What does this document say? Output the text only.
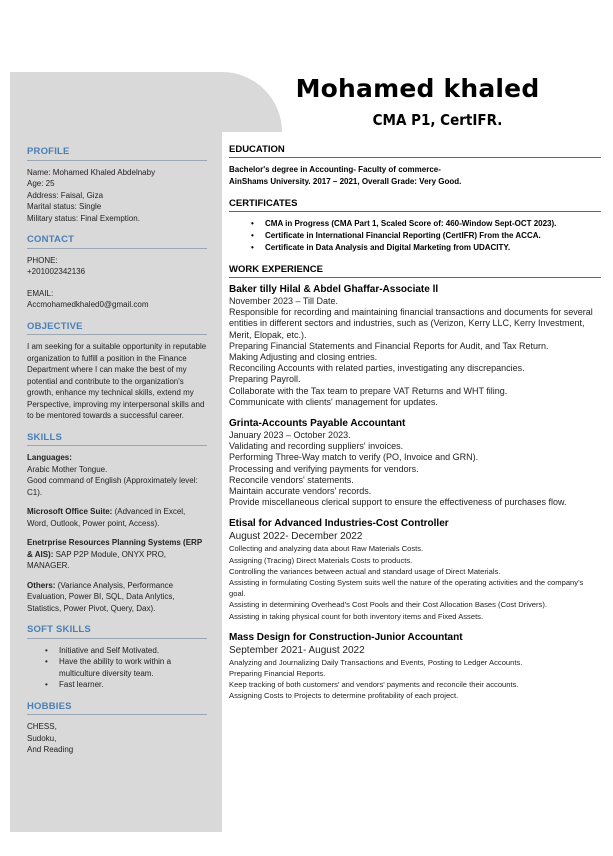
Mohamed khaled
CMA P1, CertIFR.
PROFILE
Name: Mohamed Khaled Abdelnaby
Age: 25
Address: Faisal, Giza
Marital status: Single
Military status: Final Exemption.
CONTACT
PHONE:
+201002342136
EMAIL:
Accmohamedkhaled0@gmail.com
OBJECTIVE
I am seeking for a suitable opportunity in reputable organization to fulfill a position in the Finance Department where I can make the best of my potential and contribute to the organization's growth, enhance my technical skills, extend my Perspective, improving my interpersonal skills and to be mentored towards a successful career.
SKILLS
Languages:
Arabic Mother Tongue.
Good command of English (Approximately level: C1).
Microsoft Office Suite: (Advanced in Excel, Word, Outlook, Power point, Access).
Enetrprise Resources Planning Systems (ERP & AIS): SAP P2P Module, ONYX PRO, MANAGER.
Others: (Variance Analysis, Performance Evaluation, Power BI, SQL, Data Anlytics, Statistics, Power Pivot, Query, Dax).
SOFT SKILLS
• Initiative and Self Motivated.
• Have the ability to work within a multiculture diversity team.
• Fast learner.
HOBBIES
CHESS,
Sudoku,
And Reading
EDUCATION
Bachelor's degree in Accounting- Faculty of commerce-
AinShams University. 2017 – 2021, Overall Grade: Very Good.
CERTIFICATES
• CMA in Progress (CMA Part 1, Scaled Score of: 460-Window Sept-OCT 2023).
• Certificate in International Financial Reporting (CertIFR) From the ACCA.
• Certificate in Data Analysis and Digital Marketing from UDACITY.
WORK EXPERIENCE
Baker tilly Hilal & Abdel Ghaffar-Associate ll
November 2023 – Till Date.
Responsible for recording and maintaining financial transactions and documents for several entities in different sectors and industries, such as (Verizon, Kerry LLC, Kerry Investment, Merit, Elopak, etc.).
Preparing Financial Statements and Financial Reports for Audit, and Tax Return.
Making Adjusting and closing entries.
Reconciling Accounts with related parties, investigating any discrepancies.
Preparing Payroll.
Collaborate with the Tax team to prepare VAT Returns and WHT filing.
Communicate with clients' management for updates.
Grinta-Accounts Payable Accountant
January 2023 – October 2023.
Validating and recording suppliers' invoices.
Performing Three-Way match to verify (PO, Invoice and GRN).
Processing and verifying payments for vendors.
Reconcile vendors' statements.
Maintain accurate vendors' records.
Provide miscellaneous clerical support to ensure the effectiveness of purchases flow.
Etisal for Advanced Industries-Cost Controller
August 2022- December 2022
Collecting and analyzing data about Raw Materials Costs.
Assigning (Tracing) Direct Materials Costs to products.
Controlling the variances between actual and standard usage of Direct Materials.
Assisting in formulating Costing System suits well the nature of the operating activities and the company's goal.
Assisting in determining Overhead's Cost Pools and their Cost Allocation Bases (Cost Drivers).
Assisting in taking physical count for both inventory items and Fixed Assets.
Mass Design for Construction-Junior Accountant
September 2021- August 2022
Analyzing and Journalizing Daily Transactions and Events, Posting to Ledger Accounts.
Preparing Financial Reports.
Keep tracking of both customers' and vendors' payments and reconcile their accounts.
Assigning Costs to Projects to determine profitability of each project.
